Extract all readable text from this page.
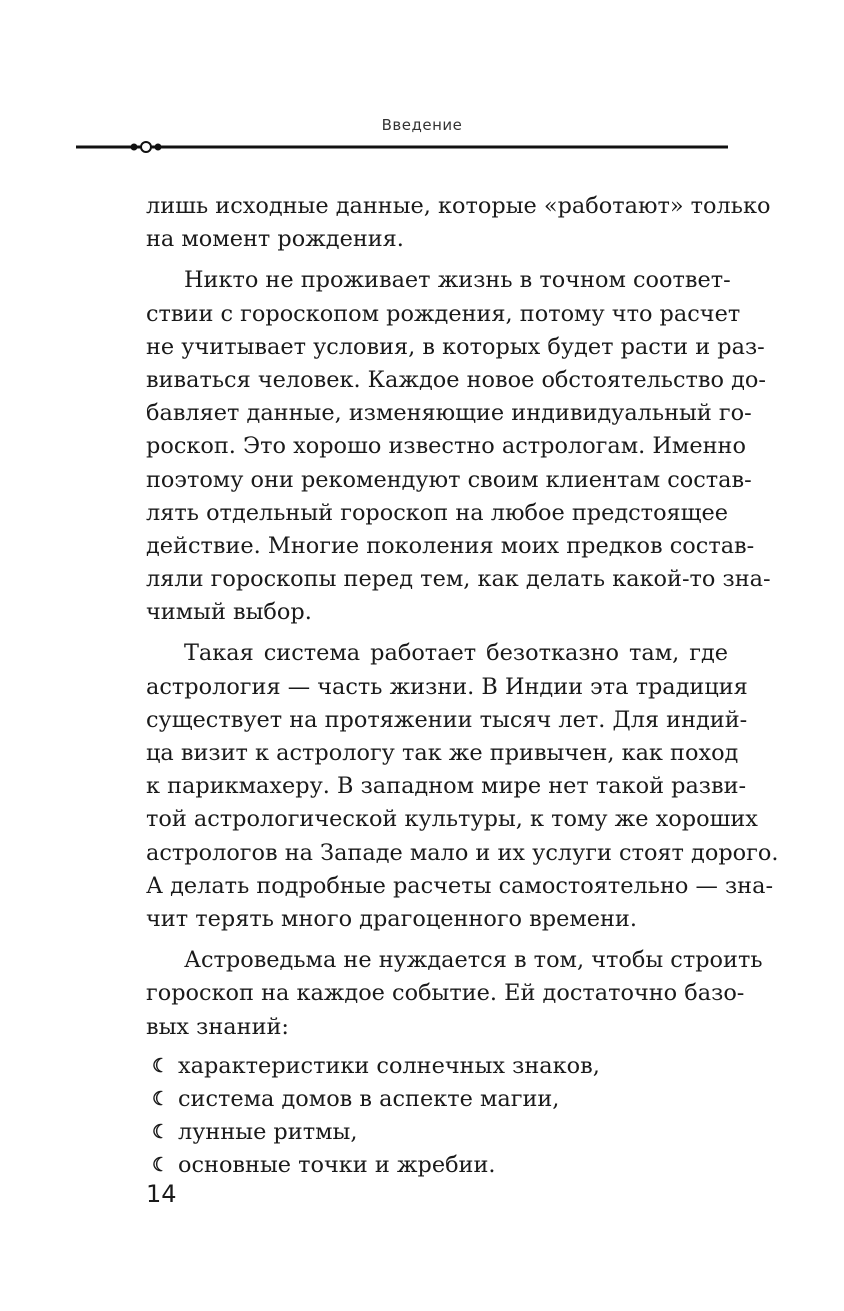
Введение
лишь исходные данные, которые «работают» только
на момент рождения.
Никто не проживает жизнь в точном соответ-
ствии с гороскопом рождения, потому что расчет
не учитывает условия, в которых будет расти и раз-
виваться человек. Каждое новое обстоятельство до-
бавляет данные, изменяющие индивидуальный го-
роскоп. Это хорошо известно астрологам. Именно
поэтому они рекомендуют своим клиентам состав-
лять отдельный гороскоп на любое предстоящее
действие. Многие поколения моих предков состав-
ляли гороскопы перед тем, как делать какой-то зна-
чимый выбор.
Такая система работает безотказно там, где
астрология — часть жизни. В Индии эта традиция
существует на протяжении тысяч лет. Для индий-
ца визит к астрологу так же привычен, как поход
к парикмахеру. В западном мире нет такой разви-
той астрологической культуры, к тому же хороших
астрологов на Западе мало и их услуги стоят дорого.
А делать подробные расчеты самостоятельно — зна-
чит терять много драгоценного времени.
Астроведьма не нуждается в том, чтобы строить
гороскоп на каждое событие. Ей достаточно базо-
вых знаний:
☾ характеристики солнечных знаков,
☾ система домов в аспекте магии,
☾ лунные ритмы,
☾ основные точки и жребии.
14
